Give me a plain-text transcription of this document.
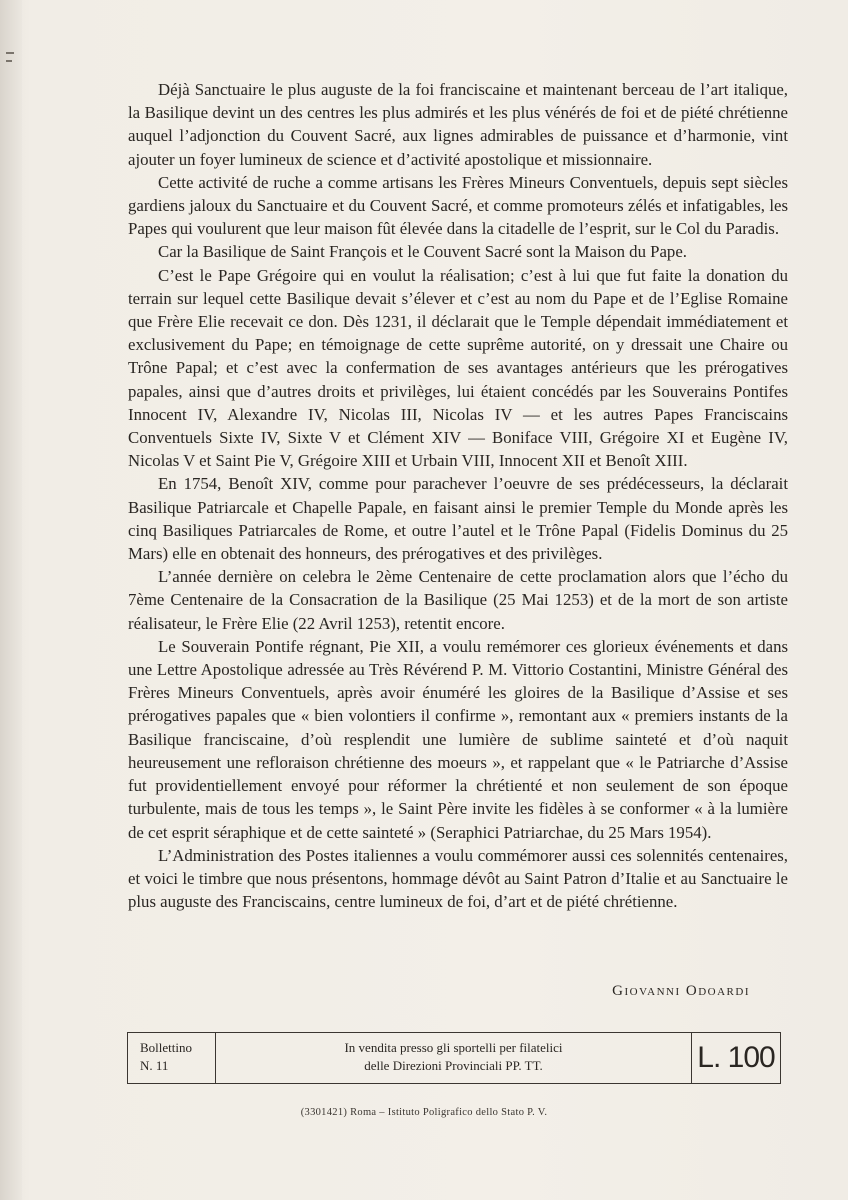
Déjà Sanctuaire le plus auguste de la foi franciscaine et maintenant berceau de l’art italique, la Basilique devint un des centres les plus admirés et les plus vénérés de foi et de piété chrétienne auquel l’adjonction du Couvent Sacré, aux lignes admirables de puissance et d’harmonie, vint ajouter un foyer lumineux de science et d’activité apostolique et missionnaire.

Cette activité de ruche a comme artisans les Frères Mineurs Conventuels, depuis sept siècles gardiens jaloux du Sanctuaire et du Couvent Sacré, et comme promoteurs zélés et infatigables, les Papes qui voulurent que leur maison fût élevée dans la citadelle de l’esprit, sur le Col du Paradis.

Car la Basilique de Saint François et le Couvent Sacré sont la Maison du Pape.

C’est le Pape Grégoire qui en voulut la réalisation; c’est à lui que fut faite la donation du terrain sur lequel cette Basilique devait s’élever et c’est au nom du Pape et de l’Eglise Romaine que Frère Elie recevait ce don. Dès 1231, il déclarait que le Temple dépendait immédiatement et exclusivement du Pape; en témoignage de cette suprême autorité, on y dressait une Chaire ou Trône Papal; et c’est avec la confermation de ses avantages antérieurs que les prérogatives papales, ainsi que d’autres droits et privilèges, lui étaient concédés par les Souverains Pontifes Innocent IV, Alexandre IV, Nicolas III, Nicolas IV — et les autres Papes Franciscains Conventuels Sixte IV, Sixte V et Clément XIV — Boniface VIII, Grégoire XI et Eugène IV, Nicolas V et Saint Pie V, Grégoire XIII et Urbain VIII, Innocent XII et Benoît XIII.

En 1754, Benoît XIV, comme pour parachever l’oeuvre de ses prédécesseurs, la déclarait Basilique Patriarcale et Chapelle Papale, en faisant ainsi le premier Temple du Monde après les cinq Basiliques Patriarcales de Rome, et outre l’autel et le Trône Papal (Fidelis Dominus du 25 Mars) elle en obtenait des honneurs, des prérogatives et des privilèges.

L’année dernière on celebra le 2ème Centenaire de cette proclamation alors que l’écho du 7ème Centenaire de la Consacration de la Basilique (25 Mai 1253) et de la mort de son artiste réalisateur, le Frère Elie (22 Avril 1253), retentit encore.

Le Souverain Pontife régnant, Pie XII, a voulu remémorer ces glorieux événements et dans une Lettre Apostolique adressée au Très Révérend P. M. Vittorio Costantini, Ministre Général des Frères Mineurs Conventuels, après avoir énuméré les gloires de la Basilique d’Assise et ses prérogatives papales que « bien volontiers il confirme », remontant aux « premiers instants de la Basilique franciscaine, d’où resplendit une lumière de sublime sainteté et d’où naquit heureusement une refloraison chrétienne des moeurs », et rappelant que « le Patriarche d’Assise fut providentiellement envoyé pour réformer la chrétienté et non seulement de son époque turbulente, mais de tous les temps », le Saint Père invite les fidèles à se conformer « à la lumière de cet esprit séraphique et de cette sainteté » (Seraphici Patriarchae, du 25 Mars 1954).

L’Administration des Postes italiennes a voulu commémorer aussi ces solennités centenaires, et voici le timbre que nous présentons, hommage dévôt au Saint Patron d’Italie et au Sanctuaire le plus auguste des Franciscains, centre lumineux de foi, d’art et de piété chrétienne.

Giovanni Odoardi
Bollettino
N. 11
In vendita presso gli sportelli per filatelici
delle Direzioni Provinciali PP. TT.	L. 100
(3301421) Roma – Istituto Poligrafico dello Stato P. V.
